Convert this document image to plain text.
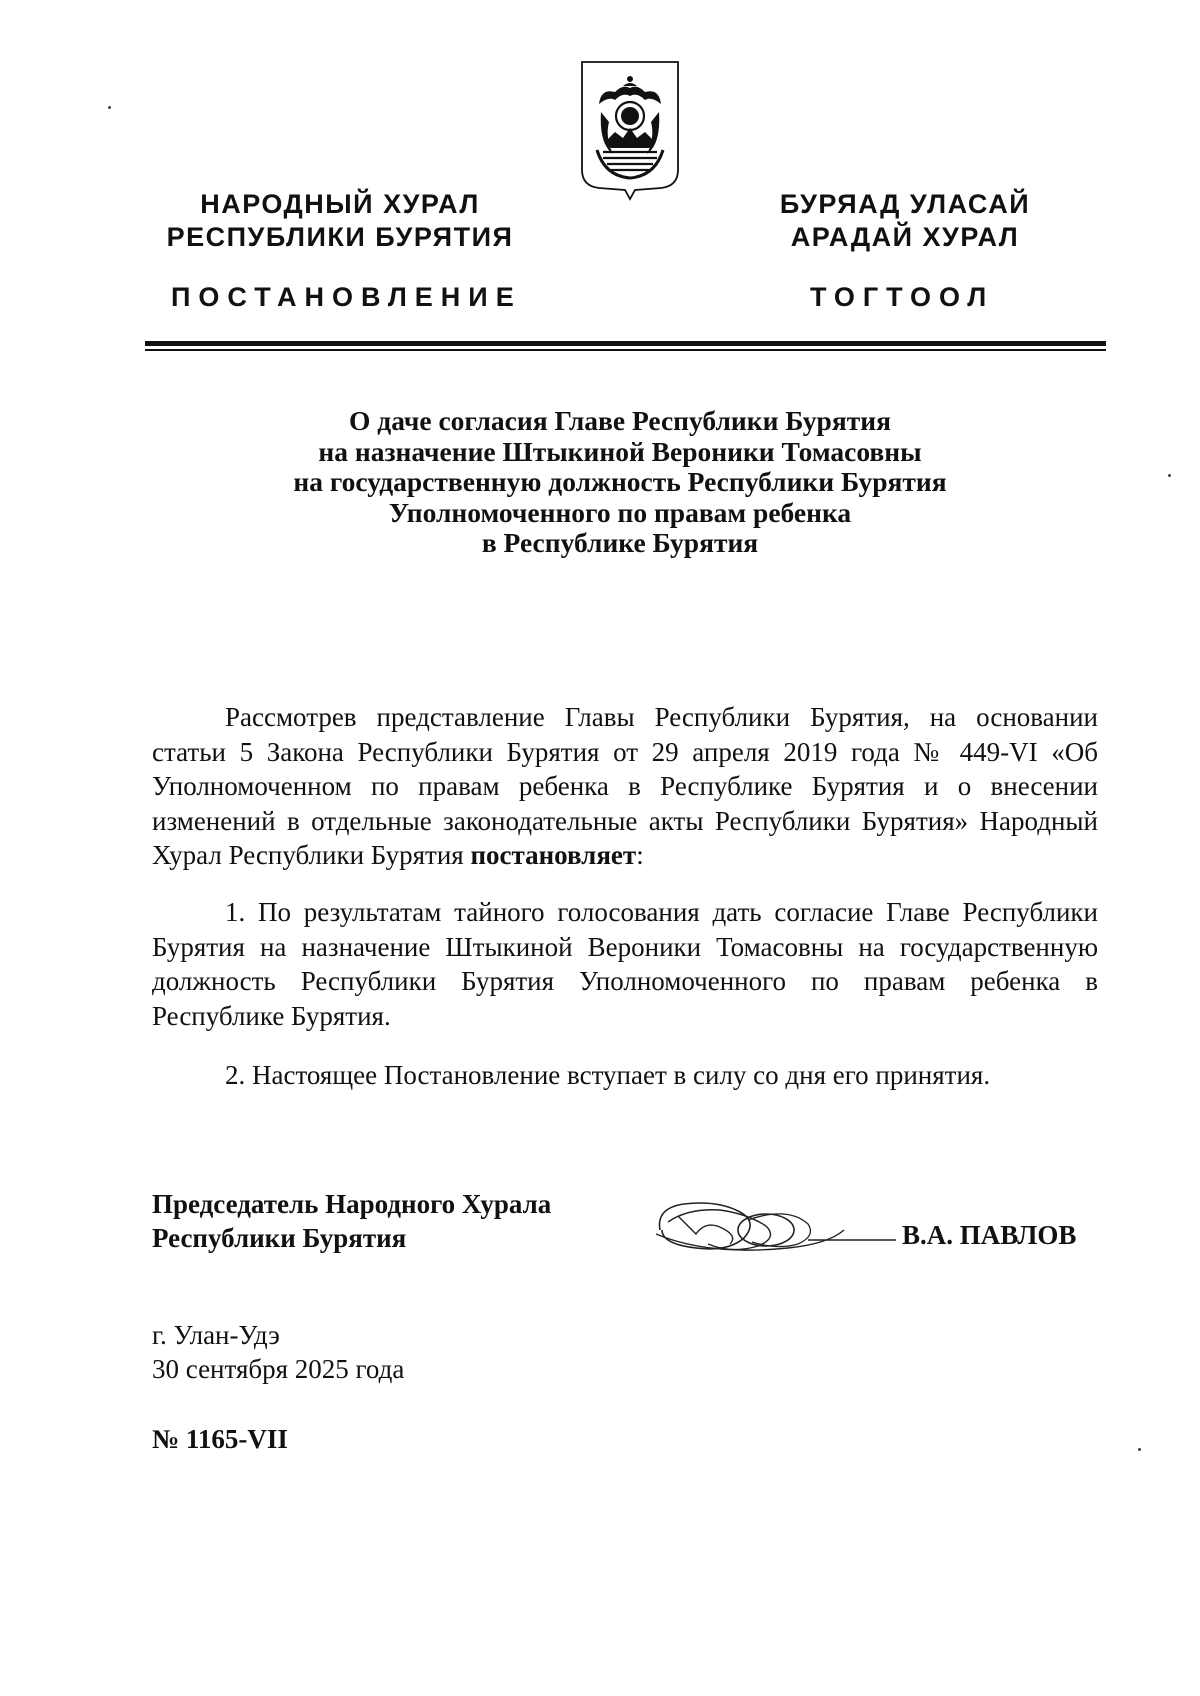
НАРОДНЫЙ ХУРАЛ
РЕСПУБЛИКИ БУРЯТИЯ
БУРЯАД УЛАСАЙ
АРАДАЙ ХУРАЛ
ПОСТАНОВЛЕНИЕ	ТОГТООЛ
О даче согласия Главе Республики Бурятия
на назначение Штыкиной Вероники Томасовны
на государственную должность Республики Бурятия
Уполномоченного по правам ребенка
в Республике Бурятия
Рассмотрев представление Главы Республики Бурятия, на основании статьи 5 Закона Республики Бурятия от 29 апреля 2019 года № 449-VI «Об Уполномоченном по правам ребенка в Республике Бурятия и о внесении изменений в отдельные законодательные акты Республики Бурятия» Народный Хурал Республики Бурятия постановляет:
1. По результатам тайного голосования дать согласие Главе Республики Бурятия на назначение Штыкиной Вероники Томасовны на государственную должность Республики Бурятия Уполномоченного по правам ребенка в Республике Бурятия.
2. Настоящее Постановление вступает в силу со дня его принятия.
Председатель Народного Хурала
Республики Бурятия	В.А. ПАВЛОВ
г. Улан-Удэ
30 сентября 2025 года
№ 1165-VII
